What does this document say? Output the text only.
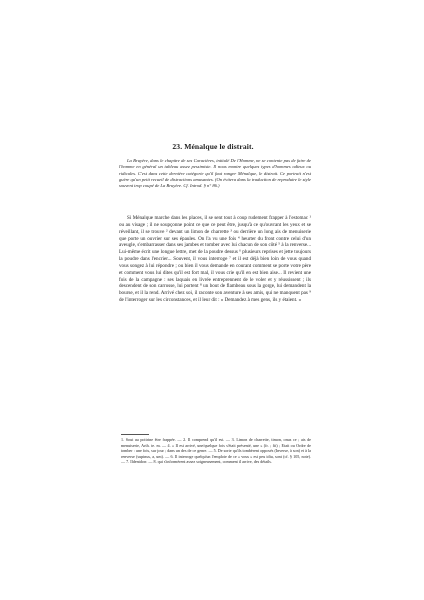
23. Ménalque le distrait.

La Bruyère, dans le chapitre de ses Caractères, intitulé De l'Homme, ne se contente pas de faire de l'homme en général un tableau assez pessimiste. Il nous montre quelques types d'hommes odieux ou ridicules. C'est dans cette dernière catégorie qu'il faut ranger Ménalque, le distrait. Ce portrait n'est guère qu'un petit recueil de distractions amusantes. (On évitera dans la traduction de reproduire le style souvent trop coupé de La Bruyère. Cf. Introd. § n° 86.)

Si Ménalque marche dans les places, il se sent tout à coup rudement frapper à l'estomac ¹ ou au visage ; il ne soupçonne point ce que ce peut être, jusqu'à ce qu'ouvrant les yeux et se réveillant, il se trouve ² devant un limon de charrette ³ ou derrière un long ais de menuiserie que porte un ouvrier sur ses épaules. On l'a vu une fois ⁴ heurter du front contre celui d'un aveugle, s'embarrasser dans ses jambes et tomber avec lui chacun de son côté ⁵ à la renverse... Lui-même écrit une longue lettre, met de la poudre dessus ⁶ plusieurs reprises et jette toujours la poudre dans l'encrier... Souvent, il vous interroge ⁷ et il est déjà bien loin de vous quand vous songez à lui répondre ; ou bien il vous demande en courant comment se porte votre père et comment vous lui dites qu'il est fort mal, il vous crie qu'il en est bien aise... Il revient une fois de la campagne : ses laquais en livrée entreprennent de le voler et y réussissent ; ils descendent de son carrosse, lui portent ⁸ un bout de flambeau sous la gorge, lui demandent la bourse, et il la rend. Arrivé chez soi, il raconte son aventure à ses amis, qui ne manquent pas ⁹ de l'interroger sur les circonstances, et il leur dit : « Demandez à mes gens, ils y étaient. »

1. Sout au poitrine être frappée. — 2. Il comprend qu'il est. — 3. Limon de charrette, timon, onus ce ; ais de menuiserie, Arth. te. m. — 4. « Il est arrivé, une/quelque fois s'était présenté, une » (fr. ; fit) ; Etait ou Ordre de tomber : une fois, sur jour ; dans un des de ce genre. — 5. De sorte qu'ils tombèrent opposés (Inverse, à son) et à la renverse (supinus, a, um). — 6. Il interroge quelqu'un l'emploie de ce « vous » est peu idiu, sont (cf. § 105, note). — 7. Ildentdorr. — 8. qui s'informèrent assez soigneusement, comment il arrive, des détails.
